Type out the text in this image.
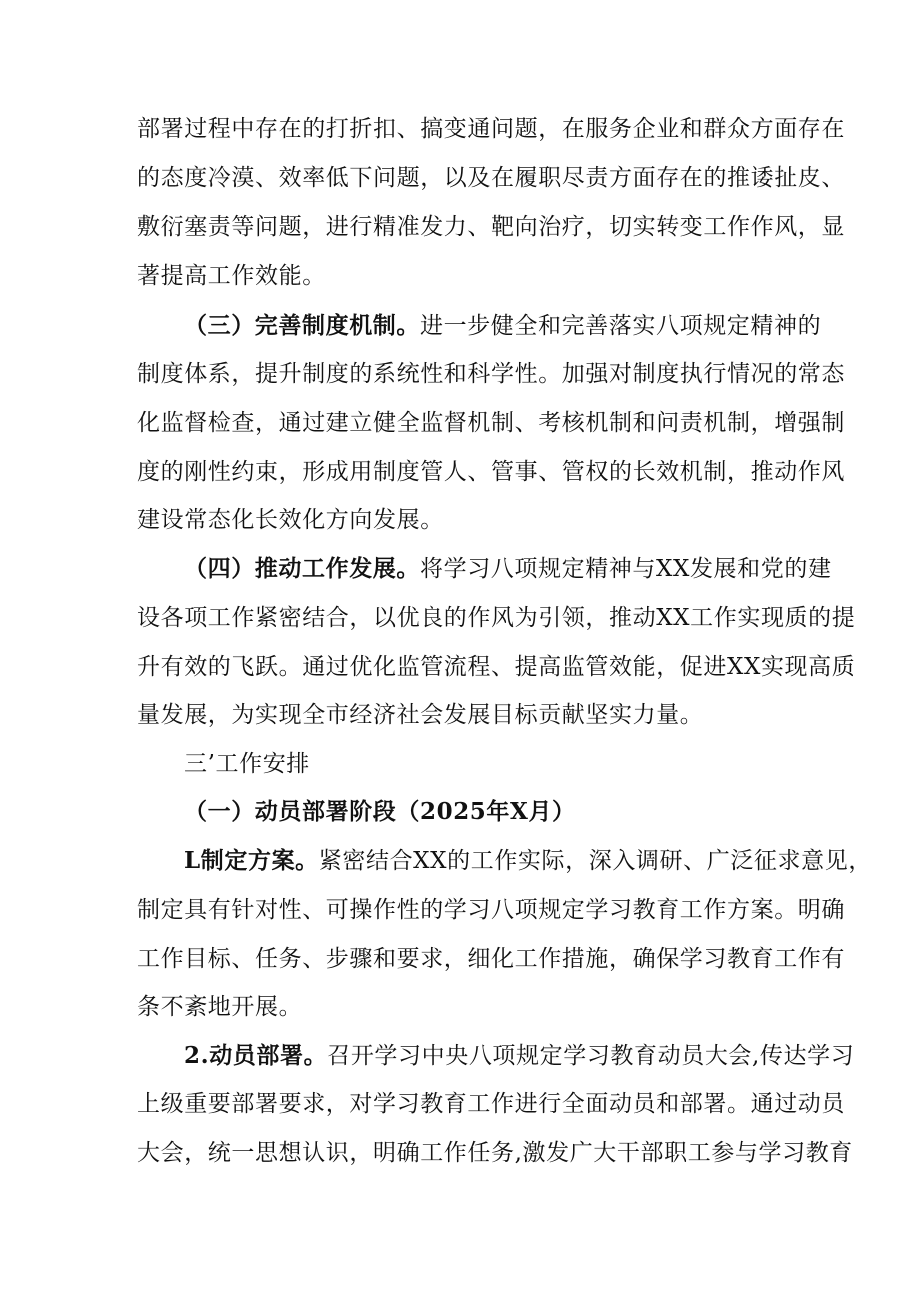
部署过程中存在的打折扣、搞变通问题，在服务企业和群众方面存在
的态度冷漠、效率低下问题，以及在履职尽责方面存在的推诿扯皮、
敷衍塞责等问题，进行精准发力、靶向治疗，切实转变工作作风，显
著提高工作效能。
（三）完善制度机制。进一步健全和完善落实八项规定精神的
制度体系，提升制度的系统性和科学性。加强对制度执行情况的常态
化监督检查，通过建立健全监督机制、考核机制和问责机制，增强制
度的刚性约束，形成用制度管人、管事、管权的长效机制，推动作风
建设常态化长效化方向发展。
（四）推动工作发展。将学习八项规定精神与XX发展和党的建
设各项工作紧密结合，以优良的作风为引领，推动XX工作实现质的提
升有效的飞跃。通过优化监管流程、提高监管效能，促进XX实现高质
量发展，为实现全市经济社会发展目标贡献坚实力量。
三’工作安排
（一）动员部署阶段（2025年X月）
L制定方案。紧密结合XX的工作实际，深入调研、广泛征求意见，
制定具有针对性、可操作性的学习八项规定学习教育工作方案。明确
工作目标、任务、步骤和要求，细化工作措施，确保学习教育工作有
条不紊地开展。
2.动员部署。召开学习中央八项规定学习教育动员大会,传达学习
上级重要部署要求，对学习教育工作进行全面动员和部署。通过动员
大会，统一思想认识，明确工作任务,激发广大干部职工参与学习教育
